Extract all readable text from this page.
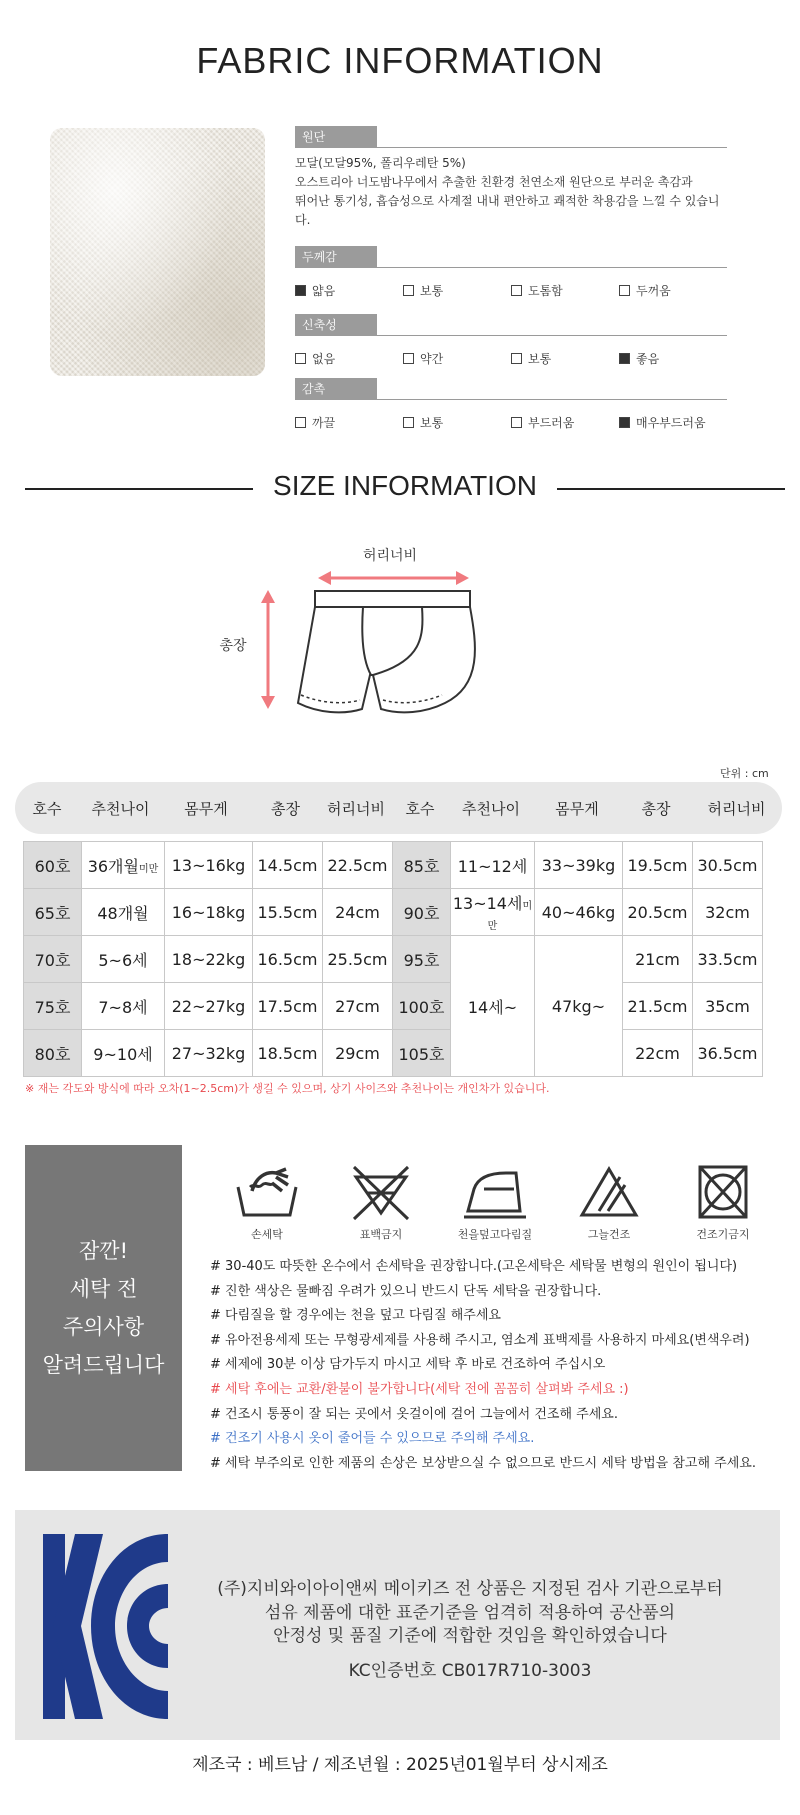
FABRIC INFORMATION
원단
모달(모달95%, 폴리우레탄 5%)
오스트리아 너도밤나무에서 추출한 친환경 천연소재 원단으로 부러운 촉감과
뛰어난 통기성, 흡습성으로 사계절 내내 편안하고 쾌적한 착용감을 느낄 수 있습니다.
두께감
얇음	보통	도톰함	두꺼움
신축성
없음	약간	보통	좋음
감촉
까끌	보통	부드러움	매우부드러움
SIZE INFORMATION
허리너비
총장
단위 : cm
호수	추천나이	몸무게	총장	허리너비	호수	추천나이	몸무게	총장	허리너비
60호	36개월미만	13~16kg	14.5cm	22.5cm	85호	11~12세	33~39kg	19.5cm	30.5cm
65호	48개월	16~18kg	15.5cm	24cm	90호	13~14세미만	40~46kg	20.5cm	32cm
70호	5~6세	18~22kg	16.5cm	25.5cm	95호	14세~	47kg~	21cm	33.5cm
75호	7~8세	22~27kg	17.5cm	27cm	100호			21.5cm	35cm
80호	9~10세	27~32kg	18.5cm	29cm	105호			22cm	36.5cm
※ 재는 각도와 방식에 따라 오차(1~2.5cm)가 생길 수 있으며, 상기 사이즈와 추천나이는 개인차가 있습니다.
잠깐!
세탁 전
주의사항
알려드립니다
손세탁	표백금지	천을덮고다림질	그늘건조	건조기금지
# 30-40도 따뜻한 온수에서 손세탁을 권장합니다.(고온세탁은 세탁물 변형의 원인이 됩니다)
# 진한 색상은 물빠짐 우려가 있으니 반드시 단독 세탁을 권장합니다.
# 다림질을 할 경우에는 천을 덮고 다림질 해주세요
# 유아전용세제 또는 무형광세제를 사용해 주시고, 염소계 표백제를 사용하지 마세요(변색우려)
# 세제에 30분 이상 담가두지 마시고 세탁 후 바로 건조하여 주십시오
# 세탁 후에는 교환/환불이 불가합니다(세탁 전에 꼼꼼히 살펴봐 주세요 :)
# 건조시 통풍이 잘 되는 곳에서 옷걸이에 걸어 그늘에서 건조해 주세요.
# 건조기 사용시 옷이 줄어들 수 있으므로 주의해 주세요.
# 세탁 부주의로 인한 제품의 손상은 보상받으실 수 없으므로 반드시 세탁 방법을 참고해 주세요.
(주)지비와이아이앤씨 메이키즈 전 상품은 지정된 검사 기관으로부터
섬유 제품에 대한 표준기준을 엄격히 적용하여 공산품의
안정성 및 품질 기준에 적합한 것임을 확인하였습니다
KC인증번호 CB017R710-3003
제조국 : 베트남 / 제조년월 : 2025년01월부터 상시제조
